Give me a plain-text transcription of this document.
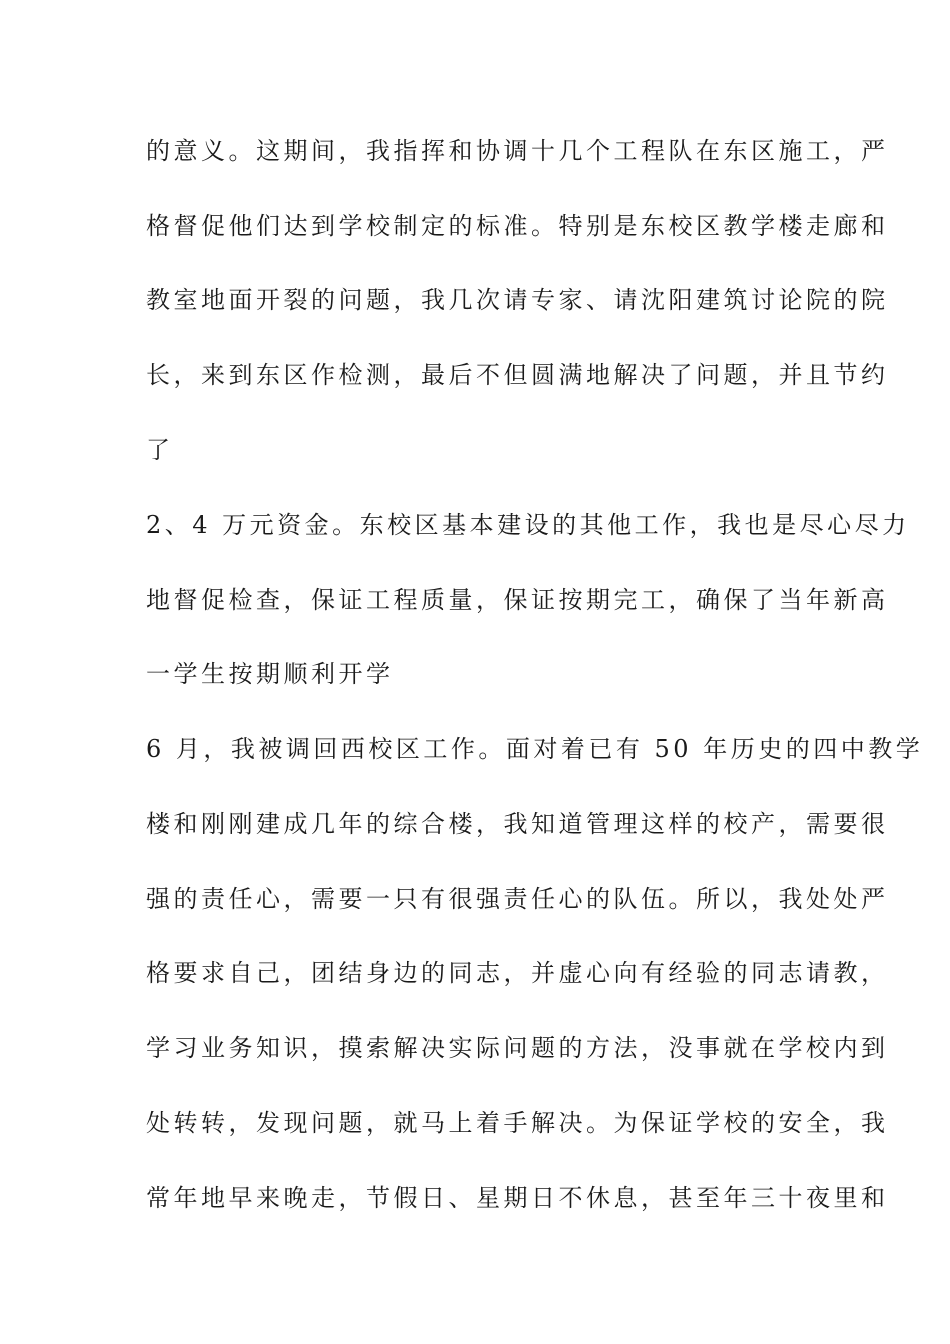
的意义。这期间，我指挥和协调十几个工程队在东区施工，严
格督促他们达到学校制定的标准。特别是东校区教学楼走廊和
教室地面开裂的问题，我几次请专家、请沈阳建筑讨论院的院
长，来到东区作检测，最后不但圆满地解决了问题，并且节约
了
2、4 万元资金。东校区基本建设的其他工作，我也是尽心尽力
地督促检查，保证工程质量，保证按期完工，确保了当年新高
一学生按期顺利开学
6 月，我被调回西校区工作。面对着已有 50 年历史的四中教学
楼和刚刚建成几年的综合楼，我知道管理这样的校产，需要很
强的责任心，需要一只有很强责任心的队伍。所以，我处处严
格要求自己，团结身边的同志，并虚心向有经验的同志请教，
学习业务知识，摸索解决实际问题的方法，没事就在学校内到
处转转，发现问题，就马上着手解决。为保证学校的安全，我
常年地早来晚走，节假日、星期日不休息，甚至年三十夜里和
